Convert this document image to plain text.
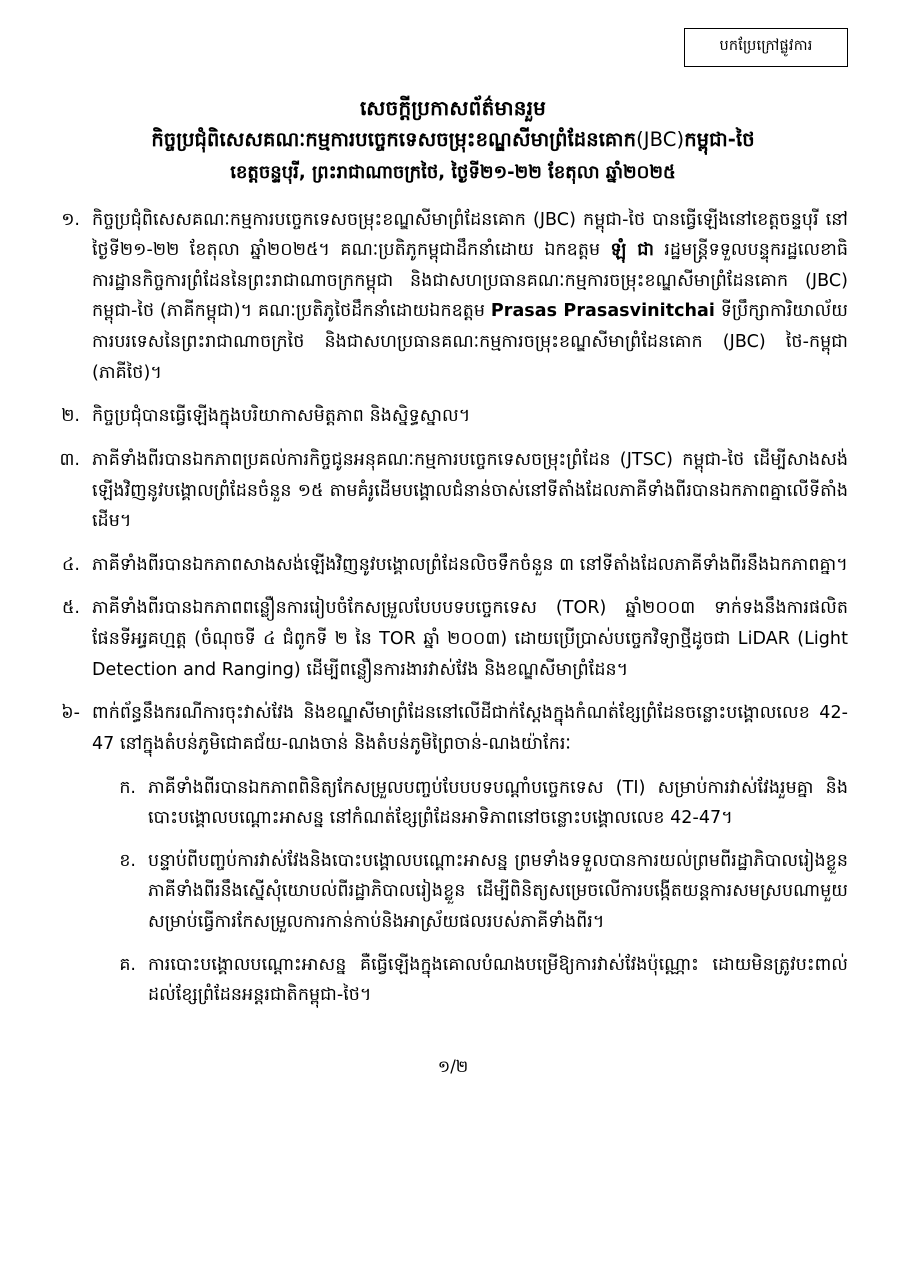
បកប្រែក្រៅផ្លូវការ
សេចក្ដីប្រកាសព័ត៌មានរួម
កិច្ចប្រជុំពិសេសគណៈកម្មការបច្ចេកទេសចម្រុះខណ្ឌសីមាព្រំដែនគោក(JBC)កម្ពុជា-ថៃ
ខេត្តចន្ទបុរី, ព្រះរាជាណាចក្រថៃ, ថ្ងៃទី២១-២២ ខែតុលា ឆ្នាំ២០២៥
១. កិច្ចប្រជុំពិសេសគណៈកម្មការបច្ចេកទេសចម្រុះខណ្ឌសីមាព្រំដែនគោក (JBC) កម្ពុជា-ថៃ បានធ្វើឡើងនៅខេត្តចន្ទបុរី នៅថ្ងៃទី២១-២២ ខែតុលា ឆ្នាំ២០២៥។ គណៈប្រតិភូកម្ពុជាដឹកនាំដោយ ឯកឧត្តម ឡុំ ជា រដ្ឋមន្ត្រីទទួលបន្ទុករដ្ឋលេខាធិការដ្ឋានកិច្ចការព្រំដែននៃព្រះរាជាណាចក្រកម្ពុជា និងជាសហប្រធានគណៈកម្មការចម្រុះខណ្ឌសីមាព្រំដែនគោក (JBC) កម្ពុជា-ថៃ (ភាគីកម្ពុជា)។ គណៈប្រតិភូថៃដឹកនាំដោយឯកឧត្តម Prasas Prasasvinitchai ទីប្រឹក្សាការិយាល័យការបរទេសនៃព្រះរាជាណាចក្រថៃ និងជាសហប្រធានគណៈកម្មការចម្រុះខណ្ឌសីមាព្រំដែនគោក (JBC) ថៃ-កម្ពុជា (ភាគីថៃ)។
២. កិច្ចប្រជុំបានធ្វើឡើងក្នុងបរិយាកាសមិត្តភាព និងស្និទ្ធស្នាល។
៣. ភាគីទាំងពីរបានឯកភាពប្រគល់ការកិច្ចជូនអនុគណៈកម្មការបច្ចេកទេសចម្រុះព្រំដែន (JTSC) កម្ពុជា-ថៃ ដើម្បីសាងសង់ឡើងវិញនូវបង្គោលព្រំដែនចំនួន ១៥ តាមគំរូដើមបង្គោលជំនាន់ចាស់នៅទីតាំងដែលភាគីទាំងពីរបានឯកភាពគ្នាលើទីតាំងដើម។
៤. ភាគីទាំងពីរបានឯកភាពសាងសង់ឡើងវិញនូវបង្គោលព្រំដែនលិចទឹកចំនួន ៣ នៅទីតាំងដែលភាគីទាំងពីរនឹងឯកភាពគ្នា។
៥. ភាគីទាំងពីរបានឯកភាពពន្លឿនការរៀបចំកែសម្រួលបែបបទបច្ចេកទេស (TOR) ឆ្នាំ២០០៣ ទាក់ទងនឹងការផលិតផែនទីអរ្ធគហ្មត្ត (ចំណុចទី ៤ ជំពូកទី ២ នៃ TOR ឆ្នាំ ២០០៣) ដោយប្រើប្រាស់បច្ចេកវិទ្យាថ្មីដូចជា LiDAR (Light Detection and Ranging) ដើម្បីពន្លឿនការងារវាស់វែង និងខណ្ឌសីមាព្រំដែន។
៦- ពាក់ព័ន្ធនឹងករណីការចុះវាស់វែង និងខណ្ឌសីមាព្រំដែននៅលើដីជាក់ស្ដែងក្នុងកំណត់ខ្សែព្រំដែនចន្លោះបង្គោលលេខ 42-47 នៅក្នុងតំបន់ភូមិជោគជ័យ-ណងចាន់ និងតំបន់ភូមិព្រៃចាន់-ណងយ៉ាកែរៈ
ក. ភាគីទាំងពីរបានឯកភាពពិនិត្យកែសម្រួលបញ្ចប់បែបបទបណ្ដាំបច្ចេកទេស (TI) សម្រាប់ការវាស់វែងរួមគ្នា និងបោះបង្គោលបណ្ដោះអាសន្ន នៅកំណត់ខ្សែព្រំដែនអាទិភាពនៅចន្លោះបង្គោលលេខ 42-47។
ខ. បន្ទាប់ពីបញ្ចប់ការវាស់វែងនិងបោះបង្គោលបណ្ដោះអាសន្ន ព្រមទាំងទទួលបានការយល់ព្រមពីរដ្ឋាភិបាលរៀងខ្លួន ភាគីទាំងពីរនឹងស្នើសុំយោបល់ពីរដ្ឋាភិបាលរៀងខ្លួន ដើម្បីពិនិត្យសម្រេចលើការបង្កើតយន្តការសមស្របណាមួយ សម្រាប់ធ្វើការកែសម្រួលការកាន់កាប់និងអាស្រ័យផលរបស់ភាគីទាំងពីរ។
គ. ការបោះបង្គោលបណ្ដោះអាសន្ន គឺធ្វើឡើងក្នុងគោលបំណងបម្រើឱ្យការវាស់វែងប៉ុណ្ណោះ ដោយមិនត្រូវបះពាល់ដល់ខ្សែព្រំដែនអន្តរជាតិកម្ពុជា-ថៃ។
១/២
